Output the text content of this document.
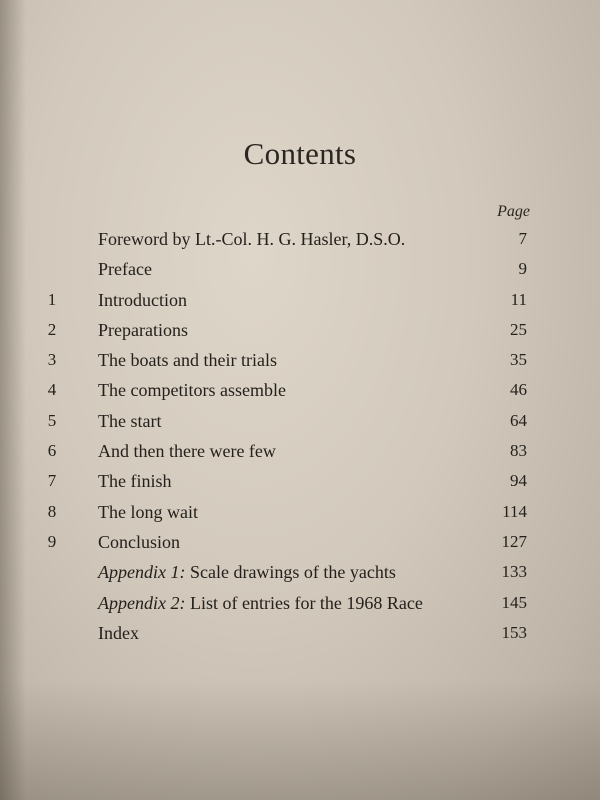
Contents
Page
Foreword by Lt.-Col. H. G. Hasler, D.S.O.	7
Preface	9
1	Introduction	11
2	Preparations	25
3	The boats and their trials	35
4	The competitors assemble	46
5	The start	64
6	And then there were few	83
7	The finish	94
8	The long wait	114
9	Conclusion	127
Appendix 1: Scale drawings of the yachts	133
Appendix 2: List of entries for the 1968 Race	145
Index	153
